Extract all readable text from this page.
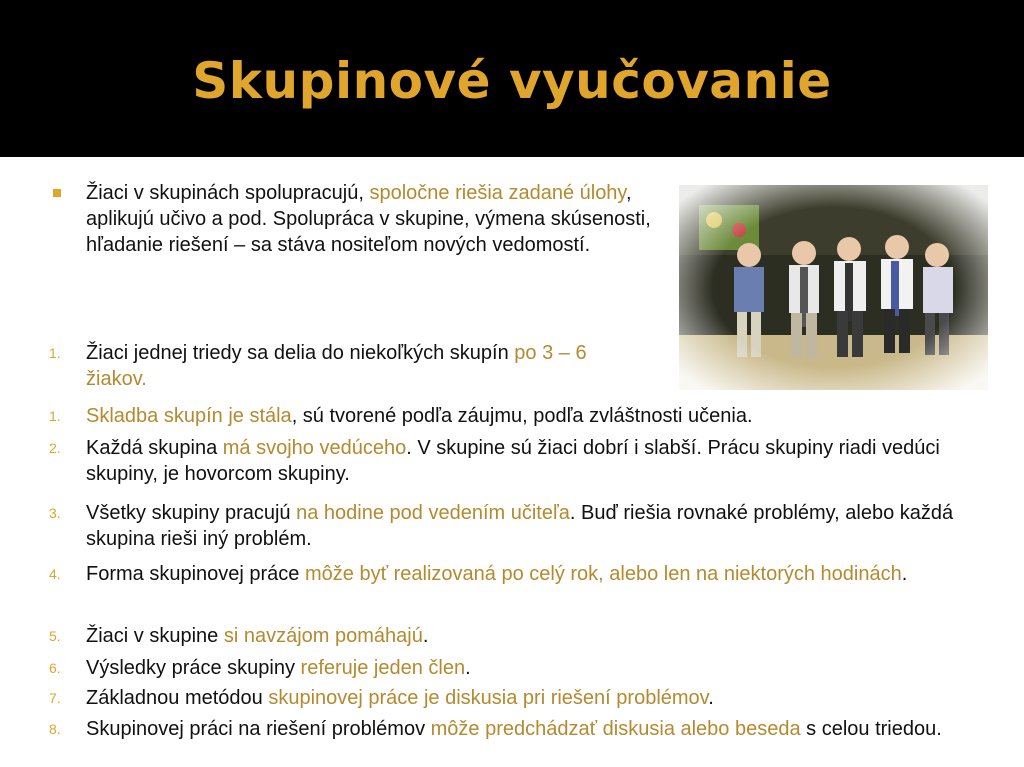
Skupinové vyučovanie
Žiaci v skupinách spolupracujú, spoločne riešia zadané úlohy, aplikujú učivo a pod. Spolupráca v skupine, výmena skúsenosti, hľadanie riešení – sa stáva nositeľom nových vedomostí.
1. Žiaci jednej triedy sa delia do niekoľkých skupín po 3 – 6 žiakov.
1. Skladba skupín je stála, sú tvorené podľa záujmu, podľa zvláštnosti učenia.
2. Každá skupina má svojho vedúceho. V skupine sú žiaci dobrí i slabší. Prácu skupiny riadi vedúci skupiny, je hovorcom skupiny.
3. Všetky skupiny pracujú na hodine pod vedením učiteľa. Buď riešia rovnaké problémy, alebo každá skupina rieši iný problém.
4. Forma skupinovej práce môže byť realizovaná po celý rok, alebo len na niektorých hodinách.
5. Žiaci v skupine si navzájom pomáhajú.
6. Výsledky práce skupiny referuje jeden člen.
7. Základnou metódou skupinovej práce je diskusia pri riešení problémov.
8. Skupinovej práci na riešení problémov môže predchádzať diskusia alebo beseda s celou triedou.
